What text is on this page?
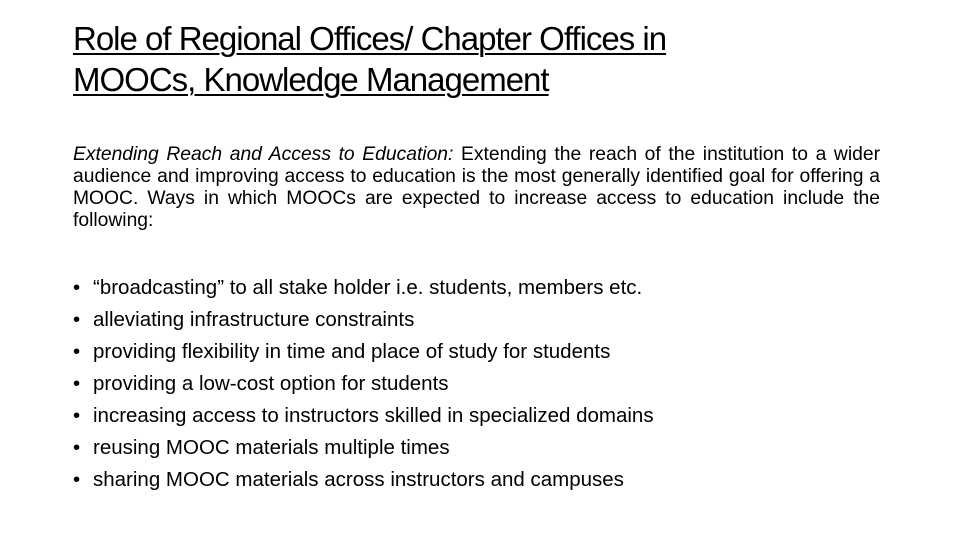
Role of Regional Offices/ Chapter Offices in
MOOCs, Knowledge Management

Extending Reach and Access to Education: Extending the reach of the institution to a wider audience and improving access to education is the most generally identified goal for offering a MOOC. Ways in which MOOCs are expected to increase access to education include the following:

• “broadcasting” to all stake holder i.e. students, members etc.
• alleviating infrastructure constraints
• providing flexibility in time and place of study for students
• providing a low-cost option for students
• increasing access to instructors skilled in specialized domains
• reusing MOOC materials multiple times
• sharing MOOC materials across instructors and campuses
